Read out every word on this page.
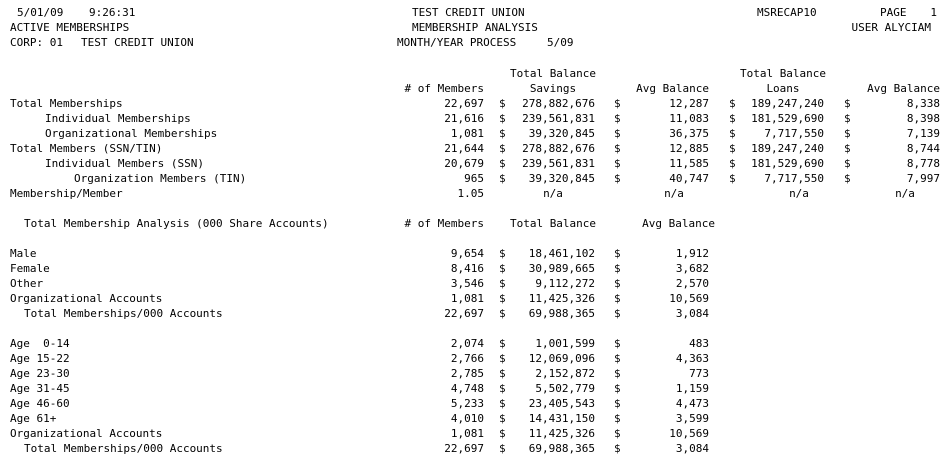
5/01/09 9:26:31	TEST CREDIT UNION	MSRECAP10	PAGE	1
ACTIVE MEMBERSHIPS	MEMBERSHIP ANALYSIS	USER ALYCIAM
CORP: 01 TEST CREDIT UNION	MONTH/YEAR PROCESS	5/09
Total Balance	Total Balance
# of Members	Savings	Avg Balance	Loans	Avg Balance
Total Memberships	22,697 $	278,882,676 $	12,287 $	189,247,240 $	8,338
Individual Memberships	21,616 $	239,561,831 $	11,083 $	181,529,690 $	8,398
Organizational Memberships	1,081 $	39,320,845 $	36,375 $	7,717,550 $	7,139
Total Members (SSN/TIN)	21,644 $	278,882,676 $	12,885 $	189,247,240 $	8,744
Individual Members (SSN)	20,679 $	239,561,831 $	11,585 $	181,529,690 $	8,778
Organization Members (TIN)	965 $	39,320,845 $	40,747 $	7,717,550 $	7,997
Membership/Member	1.05	n/a	n/a	n/a	n/a
Total Membership Analysis (000 Share Accounts)	# of Members	Total Balance	Avg Balance
Male	9,654 $	18,461,102 $	1,912
Female	8,416 $	30,989,665 $	3,682
Other	3,546 $	9,112,272 $	2,570
Organizational Accounts	1,081 $	11,425,326 $	10,569
Total Memberships/000 Accounts	22,697 $	69,988,365 $	3,084
Age  0-14	2,074 $	1,001,599 $	483
Age 15-22	2,766 $	12,069,096 $	4,363
Age 23-30	2,785 $	2,152,872 $	773
Age 31-45	4,748 $	5,502,779 $	1,159
Age 46-60	5,233 $	23,405,543 $	4,473
Age 61+	4,010 $	14,431,150 $	3,599
Organizational Accounts	1,081 $	11,425,326 $	10,569
Total Memberships/000 Accounts	22,697 $	69,988,365 $	3,084
